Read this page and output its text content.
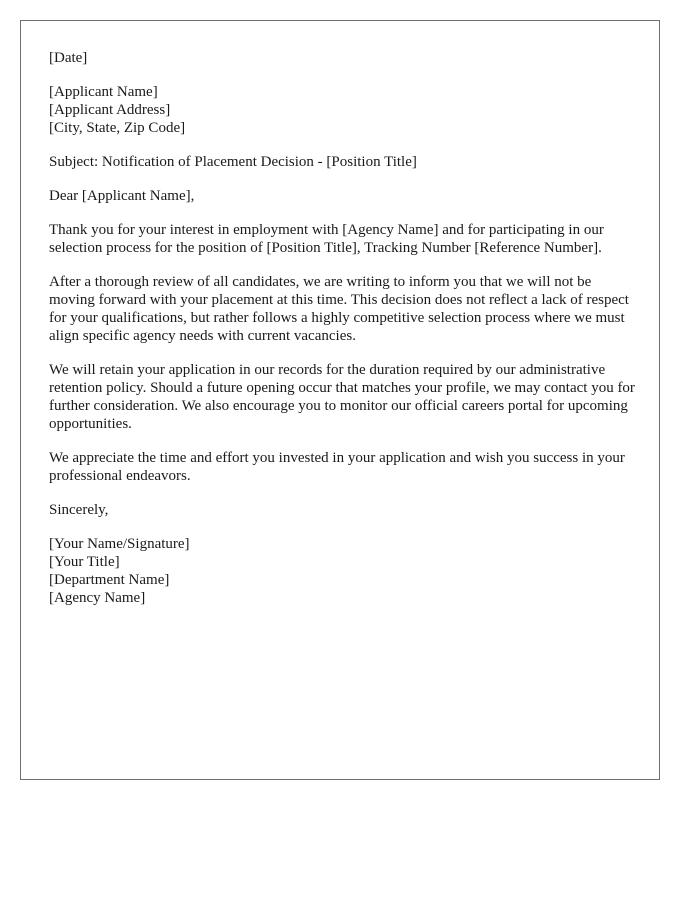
[Date]
[Applicant Name]
[Applicant Address]
[City, State, Zip Code]
Subject: Notification of Placement Decision - [Position Title]
Dear [Applicant Name],

Thank you for your interest in employment with [Agency Name] and for participating in our selection process for the position of [Position Title], Tracking Number [Reference Number].

After a thorough review of all candidates, we are writing to inform you that we will not be moving forward with your placement at this time. This decision does not reflect a lack of respect for your qualifications, but rather follows a highly competitive selection process where we must align specific agency needs with current vacancies.

We will retain your application in our records for the duration required by our administrative retention policy. Should a future opening occur that matches your profile, we may contact you for further consideration. We also encourage you to monitor our official careers portal for upcoming opportunities.

We appreciate the time and effort you invested in your application and wish you success in your professional endeavors.

Sincerely,
[Your Name/Signature]
[Your Title]
[Department Name]
[Agency Name]
